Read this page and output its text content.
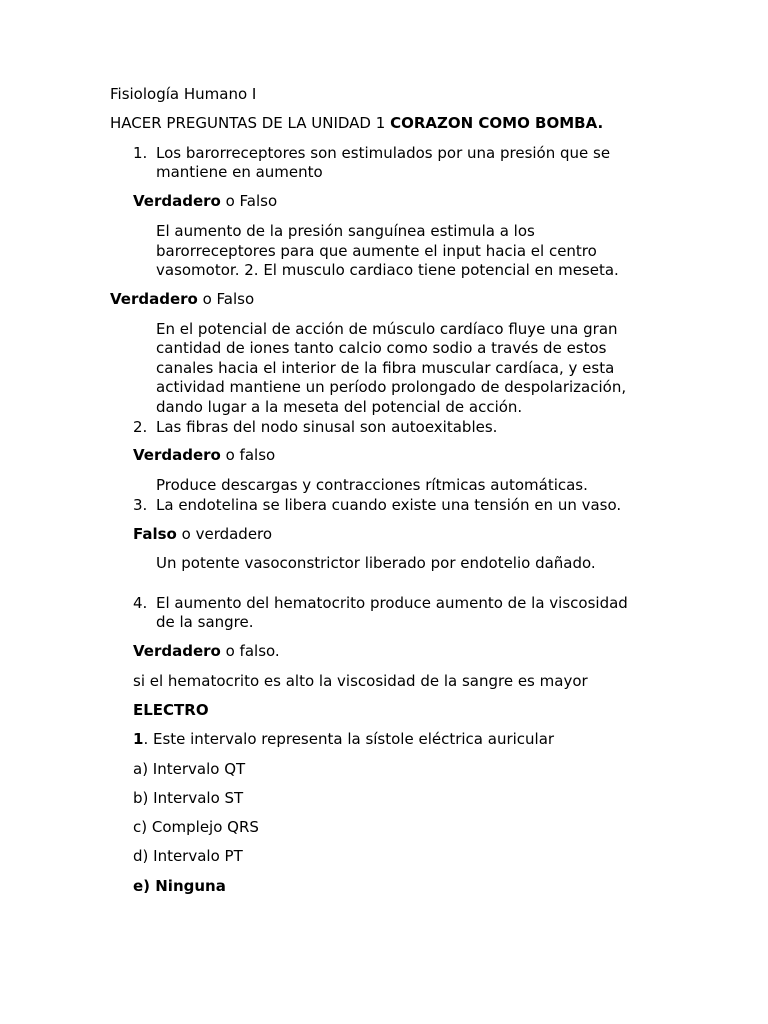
Fisiología Humano I
HACER PREGUNTAS DE LA UNIDAD 1 CORAZON COMO BOMBA.
1. Los barorreceptores son estimulados por una presión que se
mantiene en aumento
Verdadero o Falso
El aumento de la presión sanguínea estimula a los
barorreceptores para que aumente el input hacia el centro
vasomotor. 2. El musculo cardiaco tiene potencial en meseta.
Verdadero o Falso
En el potencial de acción de músculo cardíaco fluye una gran
cantidad de iones tanto calcio como sodio a través de estos
canales hacia el interior de la fibra muscular cardíaca, y esta
actividad mantiene un período prolongado de despolarización,
dando lugar a la meseta del potencial de acción.
2. Las fibras del nodo sinusal son autoexitables.
Verdadero o falso
Produce descargas y contracciones rítmicas automáticas.
3. La endotelina se libera cuando existe una tensión en un vaso.
Falso o verdadero
Un potente vasoconstrictor liberado por endotelio dañado.
4. El aumento del hematocrito produce aumento de la viscosidad
de la sangre.
Verdadero o falso.
si el hematocrito es alto la viscosidad de la sangre es mayor
ELECTRO
1. Este intervalo representa la sístole eléctrica auricular
a) Intervalo QT
b) Intervalo ST
c) Complejo QRS
d) Intervalo PT
e) Ninguna
